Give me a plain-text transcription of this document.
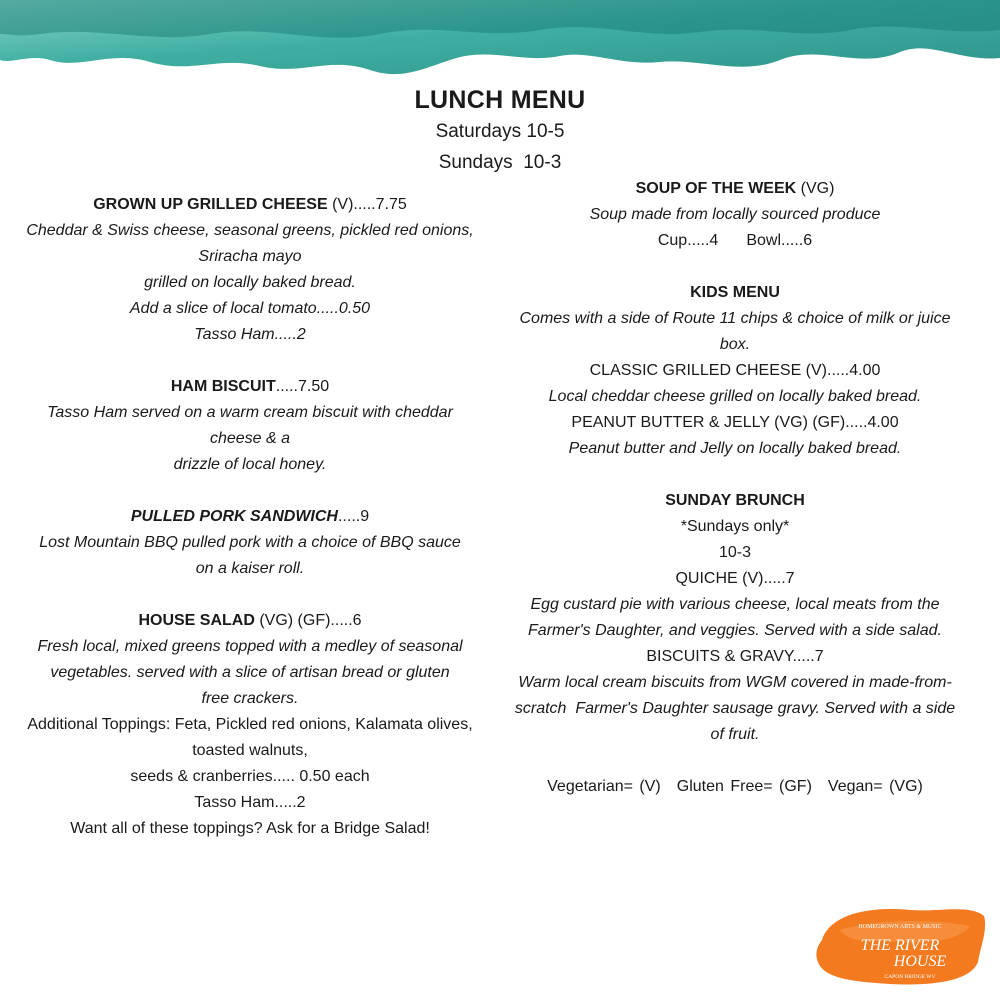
LUNCH MENU
Saturdays 10-5
Sundays  10-3

GROWN UP GRILLED CHEESE (V).....7.75

Cheddar & Swiss cheese, seasonal greens, pickled red onions, Sriracha mayo

grilled on locally baked bread.

Add a slice of local tomato.....0.50

Tasso Ham.....2

HAM BISCUIT.....7.50

Tasso Ham served on a warm cream biscuit with cheddar cheese & a

drizzle of local honey.

PULLED PORK SANDWICH.....9

Lost Mountain BBQ pulled pork with a choice of BBQ sauce on a kaiser roll.

HOUSE SALAD (VG) (GF).....6

Fresh local, mixed greens topped with a medley of seasonal vegetables. served with a slice of artisan bread or gluten free crackers.

Additional Toppings: Feta, Pickled red onions, Kalamata olives, toasted walnuts,

seeds & cranberries..... 0.50 each

Tasso Ham.....2

Want all of these toppings? Ask for a Bridge Salad!

SOUP OF THE WEEK (VG)

Soup made from locally sourced produce

Cup.....4 Bowl.....6

KIDS MENU

Comes with a side of Route 11 chips & choice of milk or juice box.

CLASSIC GRILLED CHEESE (V).....4.00

Local cheddar cheese grilled on locally baked bread.

PEANUT BUTTER & JELLY (VG) (GF).....4.00

Peanut butter and Jelly on locally baked bread.

SUNDAY BRUNCH

*Sundays only*

10-3

QUICHE (V).....7

Egg custard pie with various cheese, local meats from the Farmer's Daughter, and veggies. Served with a side salad.

BISCUITS & GRAVY.....7

Warm local cream biscuits from WGM covered in made-from-scratch  Farmer's Daughter sausage gravy. Served with a side of fruit.

Vegetarian= (V) Gluten Free= (GF) Vegan= (VG)

HOMEGROWN ARTS & MUSIC
THE RIVER
HOUSE
CAPON BRIDGE WV
